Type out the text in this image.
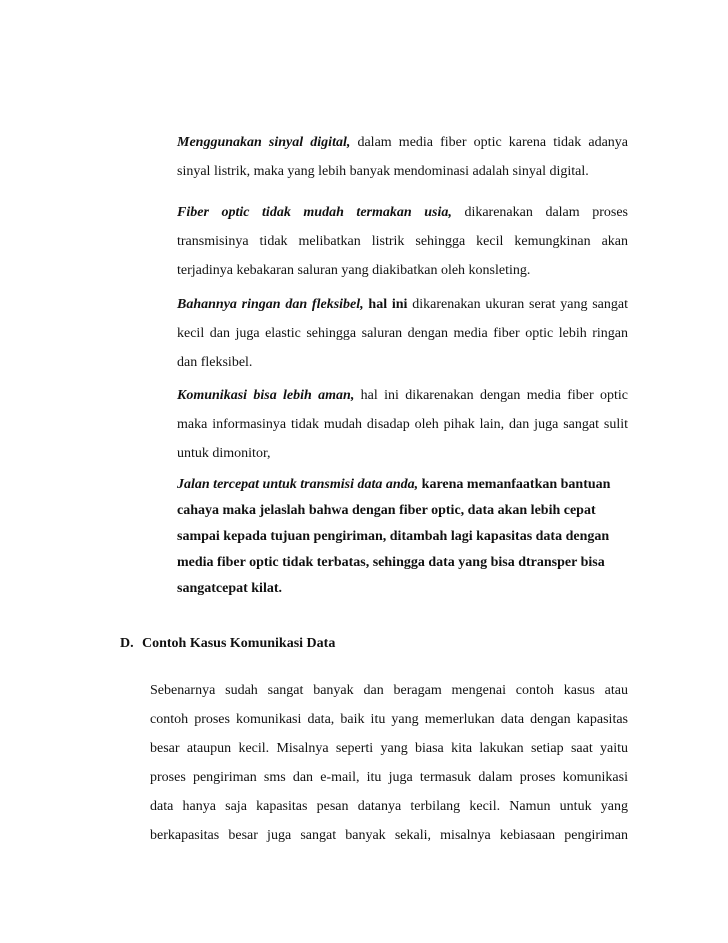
Menggunakan sinyal digital, dalam media fiber optic karena tidak adanya
sinyal listrik, maka yang lebih banyak mendominasi adalah sinyal digital.
Fiber optic tidak mudah termakan usia, dikarenakan dalam proses
transmisinya tidak melibatkan listrik sehingga kecil kemungkinan akan
terjadinya kebakaran saluran yang diakibatkan oleh konsleting.
Bahannya ringan dan fleksibel, hal ini dikarenakan ukuran serat yang sangat
kecil dan juga elastic sehingga saluran dengan media fiber optic lebih ringan
dan fleksibel.
Komunikasi bisa lebih aman, hal ini dikarenakan dengan media fiber optic
maka informasinya tidak mudah disadap oleh pihak lain, dan juga sangat sulit
untuk dimonitor,
Jalan tercepat untuk transmisi data anda, karena memanfaatkan bantuan
cahaya maka jelaslah bahwa dengan fiber optic, data akan lebih cepat
sampai kepada tujuan pengiriman, ditambah lagi kapasitas data dengan
media fiber optic tidak terbatas, sehingga data yang bisa dtransper bisa
sangatcepat kilat.
D. Contoh Kasus Komunikasi Data
Sebenarnya sudah sangat banyak dan beragam mengenai contoh kasus atau
contoh proses komunikasi data, baik itu yang memerlukan data dengan kapasitas
besar ataupun kecil. Misalnya seperti yang biasa kita lakukan setiap saat yaitu
proses pengiriman sms dan e-mail, itu juga termasuk dalam proses komunikasi
data hanya saja kapasitas pesan datanya terbilang kecil. Namun untuk yang
berkapasitas besar juga sangat banyak sekali, misalnya kebiasaan pengiriman
